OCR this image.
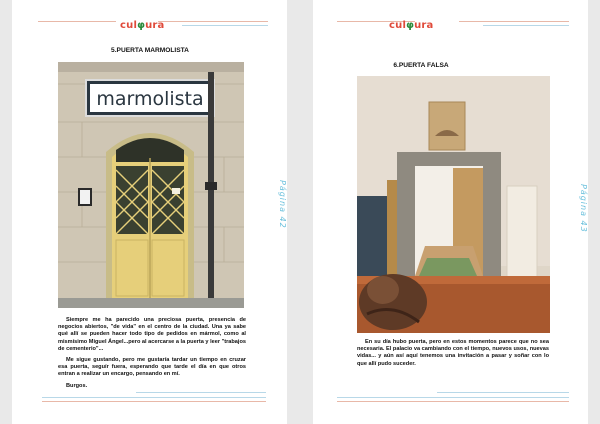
culφura
5.PUERTA MARMOLISTA
marmolista
Página 42

Siempre me ha parecido una preciosa puerta, presencia de negocios abiertos, "de vida" en el centro de la ciudad. Una ya sabe qué allí se pueden hacer todo tipo de pedidos en mármol, como al mismísimo Miguel Ángel...pero al acercarse a la puerta y leer "trabajos de cementerio"...

Me sigue gustando, pero me gustaría tardar un tiempo en cruzar esa puerta, seguír fuera, esperando que tarde el día en que otros entran a realizar un encargo, pensando en mí.

Burgos.

culφura
6.PUERTA FALSA
Página 43

En su día hubo puerta, pero en estos momentos parece que no sea necesaria. El palacio va cambiando con el tiempo, nuevos usos, nuevas vidas... y aún así aquí tenemos una invitación a pasar y soñar con lo que allí pudo suceder.
